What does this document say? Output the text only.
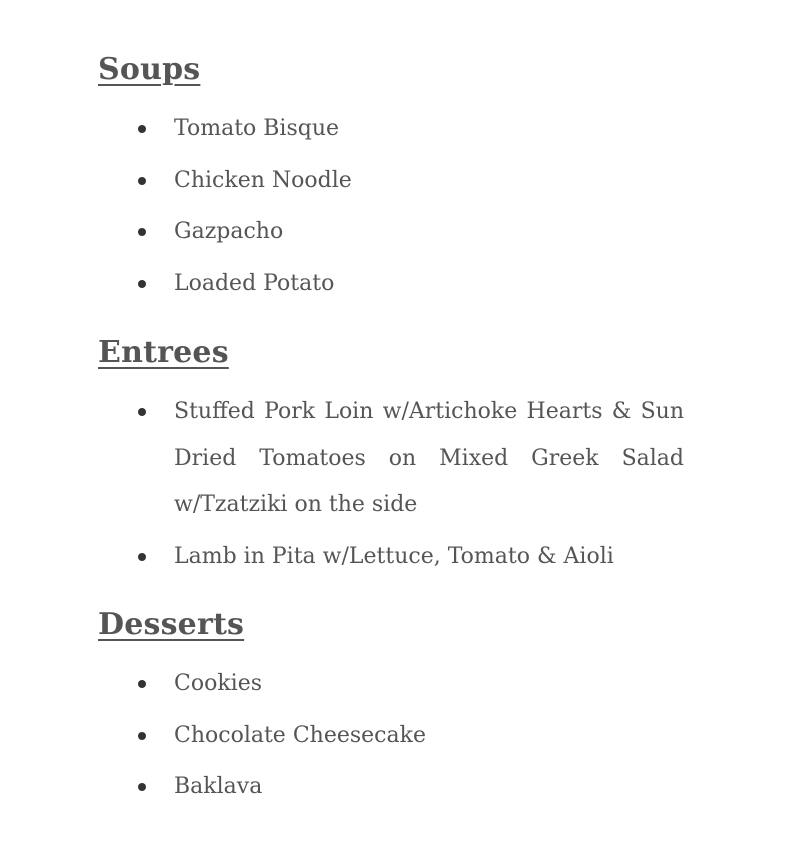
Soups
Tomato Bisque
Chicken Noodle
Gazpacho
Loaded Potato
Entrees
Stuffed Pork Loin w/Artichoke Hearts & Sun Dried Tomatoes on Mixed Greek Salad w/Tzatziki on the side
Lamb in Pita w/Lettuce, Tomato & Aioli
Desserts
Cookies
Chocolate Cheesecake
Baklava
